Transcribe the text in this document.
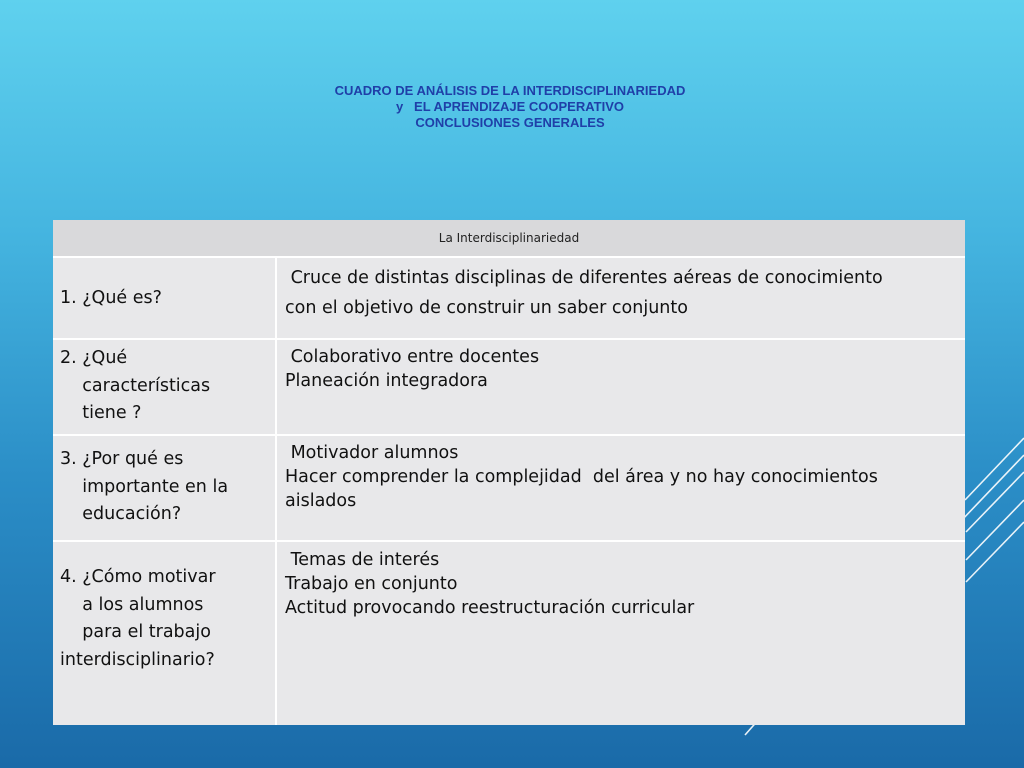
CUADRO DE ANÁLISIS DE LA INTERDISCIPLINARIEDAD
y   EL APRENDIZAJE COOPERATIVO
CONCLUSIONES GENERALES
La Interdisciplinariedad
1. ¿Qué es?
Cruce de distintas disciplinas de diferentes aéreas de conocimiento
con el objetivo de construir un saber conjunto
2. ¿Qué
características
tiene ?
Colaborativo entre docentes
Planeación integradora
3. ¿Por qué es
importante en la
educación?
Motivador alumnos
Hacer comprender la complejidad  del área y no hay conocimientos
aislados
4. ¿Cómo motivar
a los alumnos
para el trabajo
interdisciplinario?
Temas de interés
Trabajo en conjunto
Actitud provocando reestructuración curricular
